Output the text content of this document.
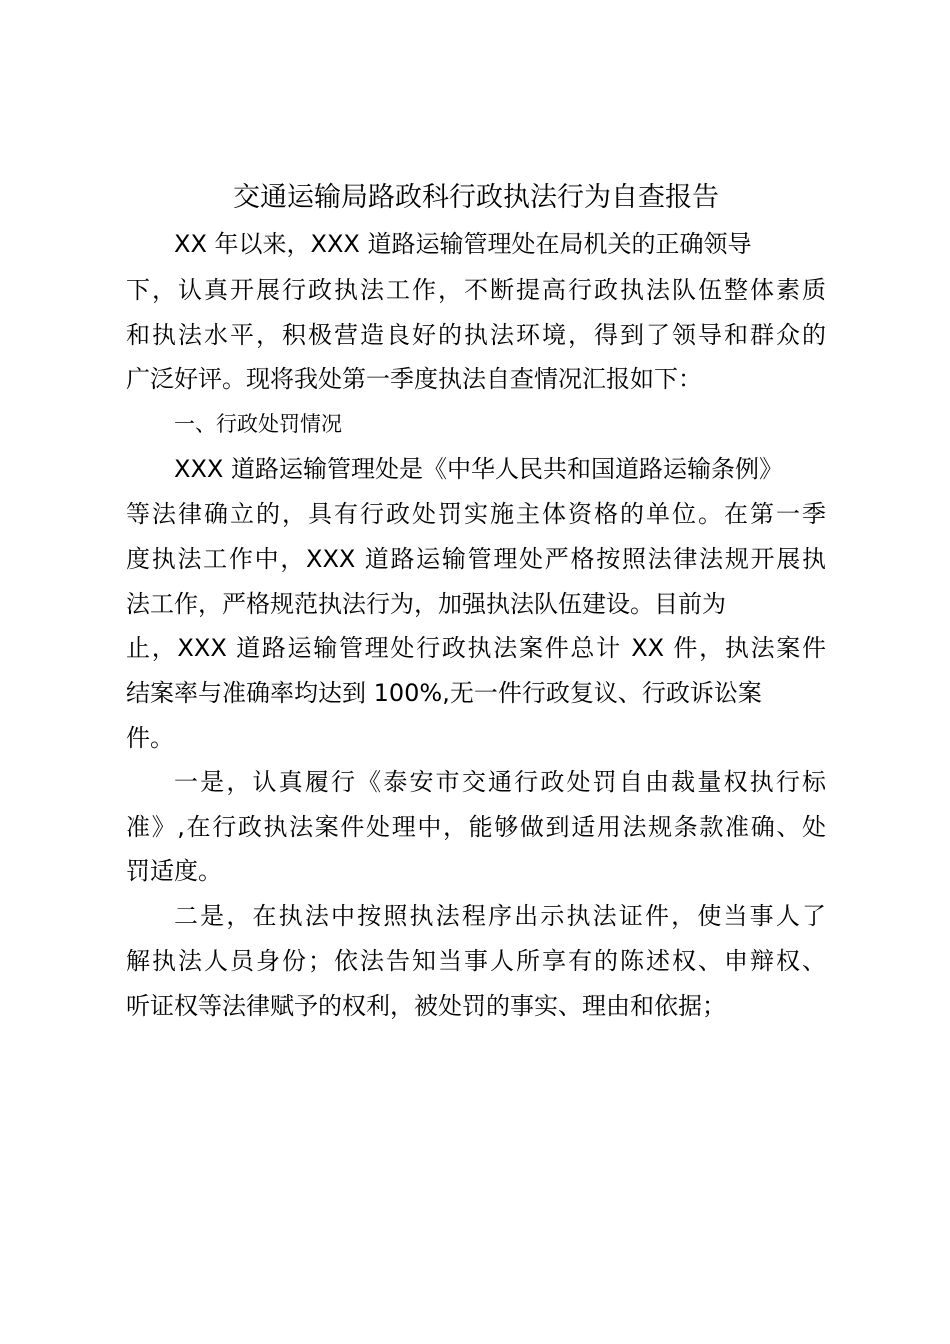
交通运输局路政科行政执法行为自查报告

XX 年以来，XXX 道路运输管理处在局机关的正确领导

下，认真开展行政执法工作，不断提高行政执法队伍整体素质

和执法水平，积极营造良好的执法环境，得到了领导和群众的

广泛好评。现将我处第一季度执法自查情况汇报如下：

一、行政处罚情况

XXX 道路运输管理处是《中华人民共和国道路运输条例》

等法律确立的，具有行政处罚实施主体资格的单位。在第一季

度执法工作中，XXX 道路运输管理处严格按照法律法规开展执

法工作，严格规范执法行为，加强执法队伍建设。目前为

止，XXX 道路运输管理处行政执法案件总计 XX 件，执法案件

结案率与准确率均达到 100%,无一件行政复议、行政诉讼案

件。

一是，认真履行《泰安市交通行政处罚自由裁量权执行标

准》,在行政执法案件处理中，能够做到适用法规条款准确、处

罚适度。

二是，在执法中按照执法程序出示执法证件，使当事人了

解执法人员身份；依法告知当事人所享有的陈述权、申辩权、

听证权等法律赋予的权利，被处罚的事实、理由和依据；
